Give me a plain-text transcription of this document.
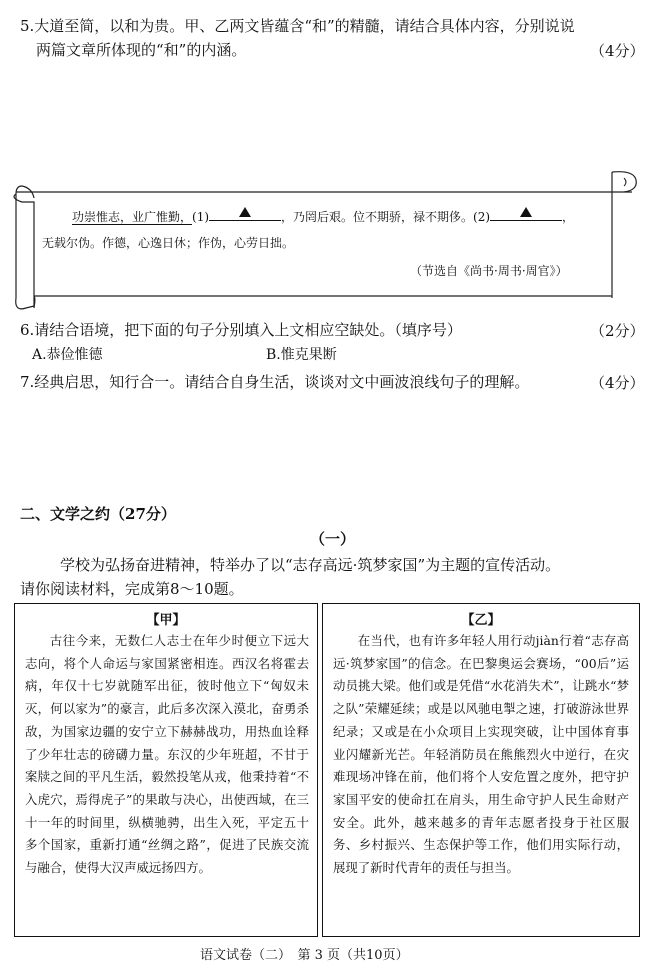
5.大道至简，以和为贵。甲、乙两文皆蕴含“和”的精髓，请结合具体内容，分别说说
两篇文章所体现的“和”的内涵。	（4分）
功崇惟志，业广惟勤，(1)	，乃罔后艰。位不期骄，禄不期侈。(2)	，
无载尔伪。作德，心逸日休；作伪，心劳日拙。
（节选自《尚书·周书·周官》）
6.请结合语境，把下面的句子分别填入上文相应空缺处。（填序号）	（2分）
A.恭俭惟德	B.惟克果断
7.经典启思，知行合一。请结合自身生活，谈谈对文中画波浪线句子的理解。	（4分）
二、文学之约（27分）
（一）
学校为弘扬奋进精神，特举办了以“志存高远·筑梦家国”为主题的宣传活动。
请你阅读材料，完成第8～10题。
【甲】
古往今来，无数仁人志士在年少时便立下远大志向，将个人命运与家国紧密相连。西汉名将霍去病，年仅十七岁就随军出征，彼时他立下“匈奴未灭，何以家为”的豪言，此后多次深入漠北，奋勇杀敌，为国家边疆的安宁立下赫赫战功，用热血诠释了少年壮志的磅礴力量。东汉的少年班超，不甘于案牍之间的平凡生活，毅然投笔从戎，他秉持着“不入虎穴，焉得虎子”的果敢与决心，出使西域，在三十一年的时间里，纵横驰骋，出生入死，平定五十多个国家，重新打通“丝绸之路”，促进了民族交流与融合，使得大汉声威远扬四方。
【乙】
在当代，也有许多年轻人用行动jiàn行着“志存高远·筑梦家国”的信念。在巴黎奥运会赛场，“00后”运动员挑大梁。他们或是凭借“水花消失术”，让跳水“梦之队”荣耀延续；或是以风驰电掣之速，打破游泳世界纪录；又或是在小众项目上实现突破，让中国体育事业闪耀新光芒。年轻消防员在熊熊烈火中逆行，在灾难现场冲锋在前，他们将个人安危置之度外，把守护家国平安的使命扛在肩头，用生命守护人民生命财产安全。此外，越来越多的青年志愿者投身于社区服务、乡村振兴、生态保护等工作，他们用实际行动，展现了新时代青年的责任与担当。
语文试卷（二）　第 3 页（共10页）
